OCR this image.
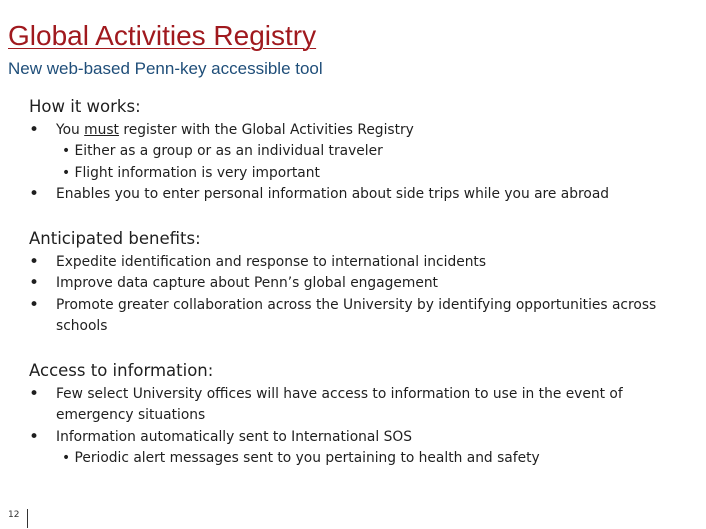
Global Activities Registry
New web-based Penn-key accessible tool
How it works:
• You must register with the Global Activities Registry
• Either as a group or as an individual traveler
• Flight information is very important
• Enables you to enter personal information about side trips while you are abroad
Anticipated benefits:
• Expedite identification and response to international incidents
• Improve data capture about Penn’s global engagement
• Promote greater collaboration across the University by identifying opportunities across schools
Access to information:
• Few select University offices will have access to information to use in the event of emergency situations
• Information automatically sent to International SOS
• Periodic alert messages sent to you pertaining to health and safety
12
